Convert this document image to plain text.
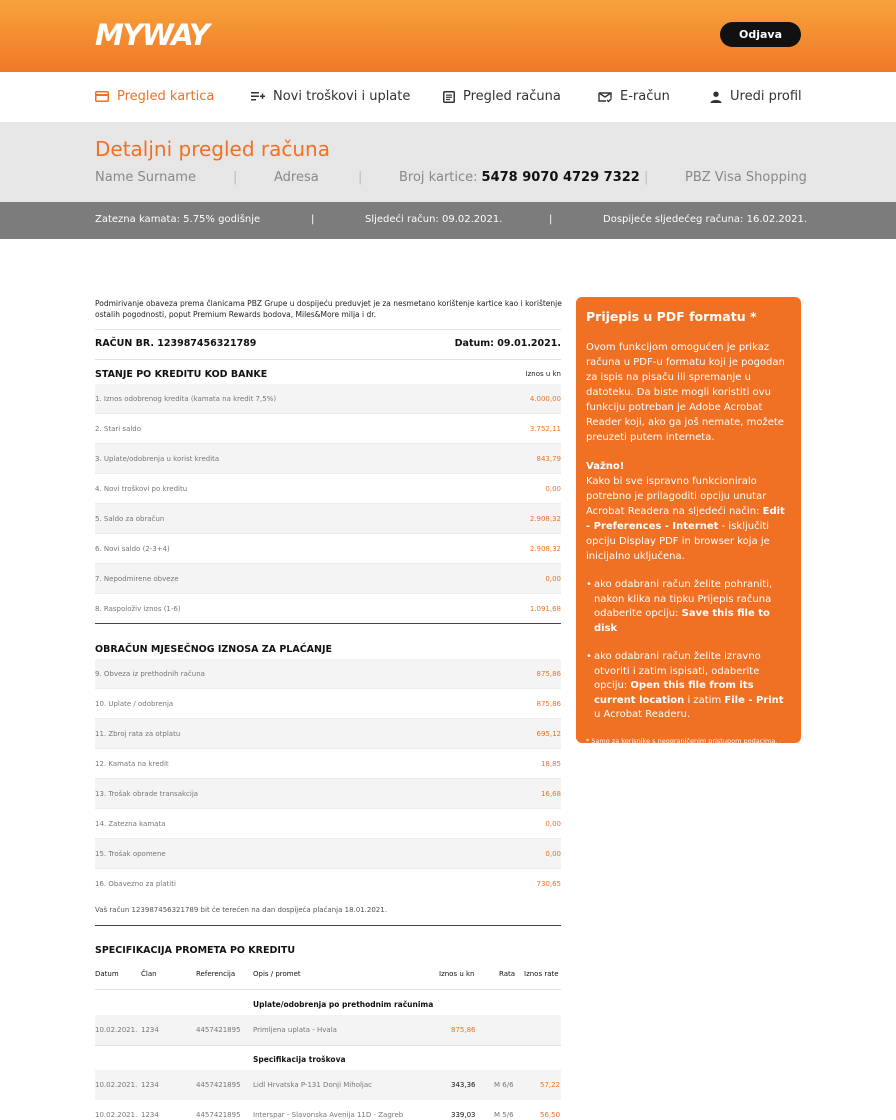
MYWAY	Odjava
Pregled kartica	Novi troškovi i uplate	Pregled računa	E-račun	Uredi profil
Detaljni pregled računa
Name Surname	|	Adresa	|	Broj kartice: 5478 9070 4729 7322 |	PBZ Visa Shopping
Zatezna kamata: 5.75% godišnje	|	Sljedeći račun: 09.02.2021.	|	Dospijeće sljedećeg računa: 16.02.2021.
Podmirivanje obaveza prema članicama PBZ Grupe u dospijeću preduvjet je za nesmetano korištenje kartice kao i korištenje ostalih pogodnosti, poput Premium Rewards bodova, Miles&More milja i dr.
RAČUN BR. 123987456321789	Datum: 09.01.2021.
STANJE PO KREDITU KOD BANKE	Iznos u kn
1. Iznos odobrenog kredita (kamata na kredit 7,5%)	4.000,00
2. Stari saldo	3.752,11
3. Uplate/odobrenja u korist kredita	843,79
4. Novi troškovi po kreditu	0,00
5. Saldo za obračun	2.908,32
6. Novi saldo (2-3+4)	2.908,32
7. Nepodmirene obveze	0,00
8. Raspoloživ iznos (1-6)	1.091,68
OBRAČUN MJESEČNOG IZNOSA ZA PLAĆANJE
9. Obveza iz prethodnih računa	875,86
10. Uplate / odobrenja	875,86
11. Zbroj rata za otplatu	695,12
12. Kamata na kredit	18,85
13. Trošak obrade transakcija	16,68
14. Zatezna kamata	0,00
15. Trošak opomene	0,00
16. Obavezno za platiti	730,65
Vaš račun 123987456321789 bit će terećen na dan dospijeća plaćanja 18.01.2021.
SPECIFIKACIJA PROMETA PO KREDITU
Datum	Član	Referencija	Opis / promet	Iznos u kn	Rata Iznos rate
Uplate/odobrenja po prethodnim računima
10.02.2021. 1234	4457421895 Primljena uplata - Hvala	875,86
Specifikacija troškova
10.02.2021. 1234	4457421895 Lidl Hrvatska P-131 Donji Miholjac	343,36	M 6/6	57,22
10.02.2021. 1234	4457421895 Interspar - Slavonska Avenija 11D - Zagreb	339,03	M 5/6	56,50
Prijepis u PDF formatu *
Ovom funkcijom omogućen je prikaz računa u PDF-u formatu koji je pogodan za ispis na pisaču ili spremanje u datoteku. Da biste mogli koristiti ovu funkciju potreban je Adobe Acrobat Reader koji, ako ga još nemate, možete preuzeti putem interneta.
Važno!
Kako bi sve ispravno funkcioniralo potrebno je prilagoditi opciju unutar Acrobat Readera na sljedeći način: Edit - Preferences - Internet - isključiti opciju Display PDF in browser koja je inicijalno uključena.
• ako odabrani račun želite pohraniti, nakon klika na tipku Prijepis računa odaberite opciju: Save this file to disk
• ako odabrani račun želite izravno otvoriti i zatim ispisati, odaberite opciju: Open this file from its current location i zatim File - Print u Acrobat Readeru.
* Samo za korisnike s neograničenim pristupom podacima.
